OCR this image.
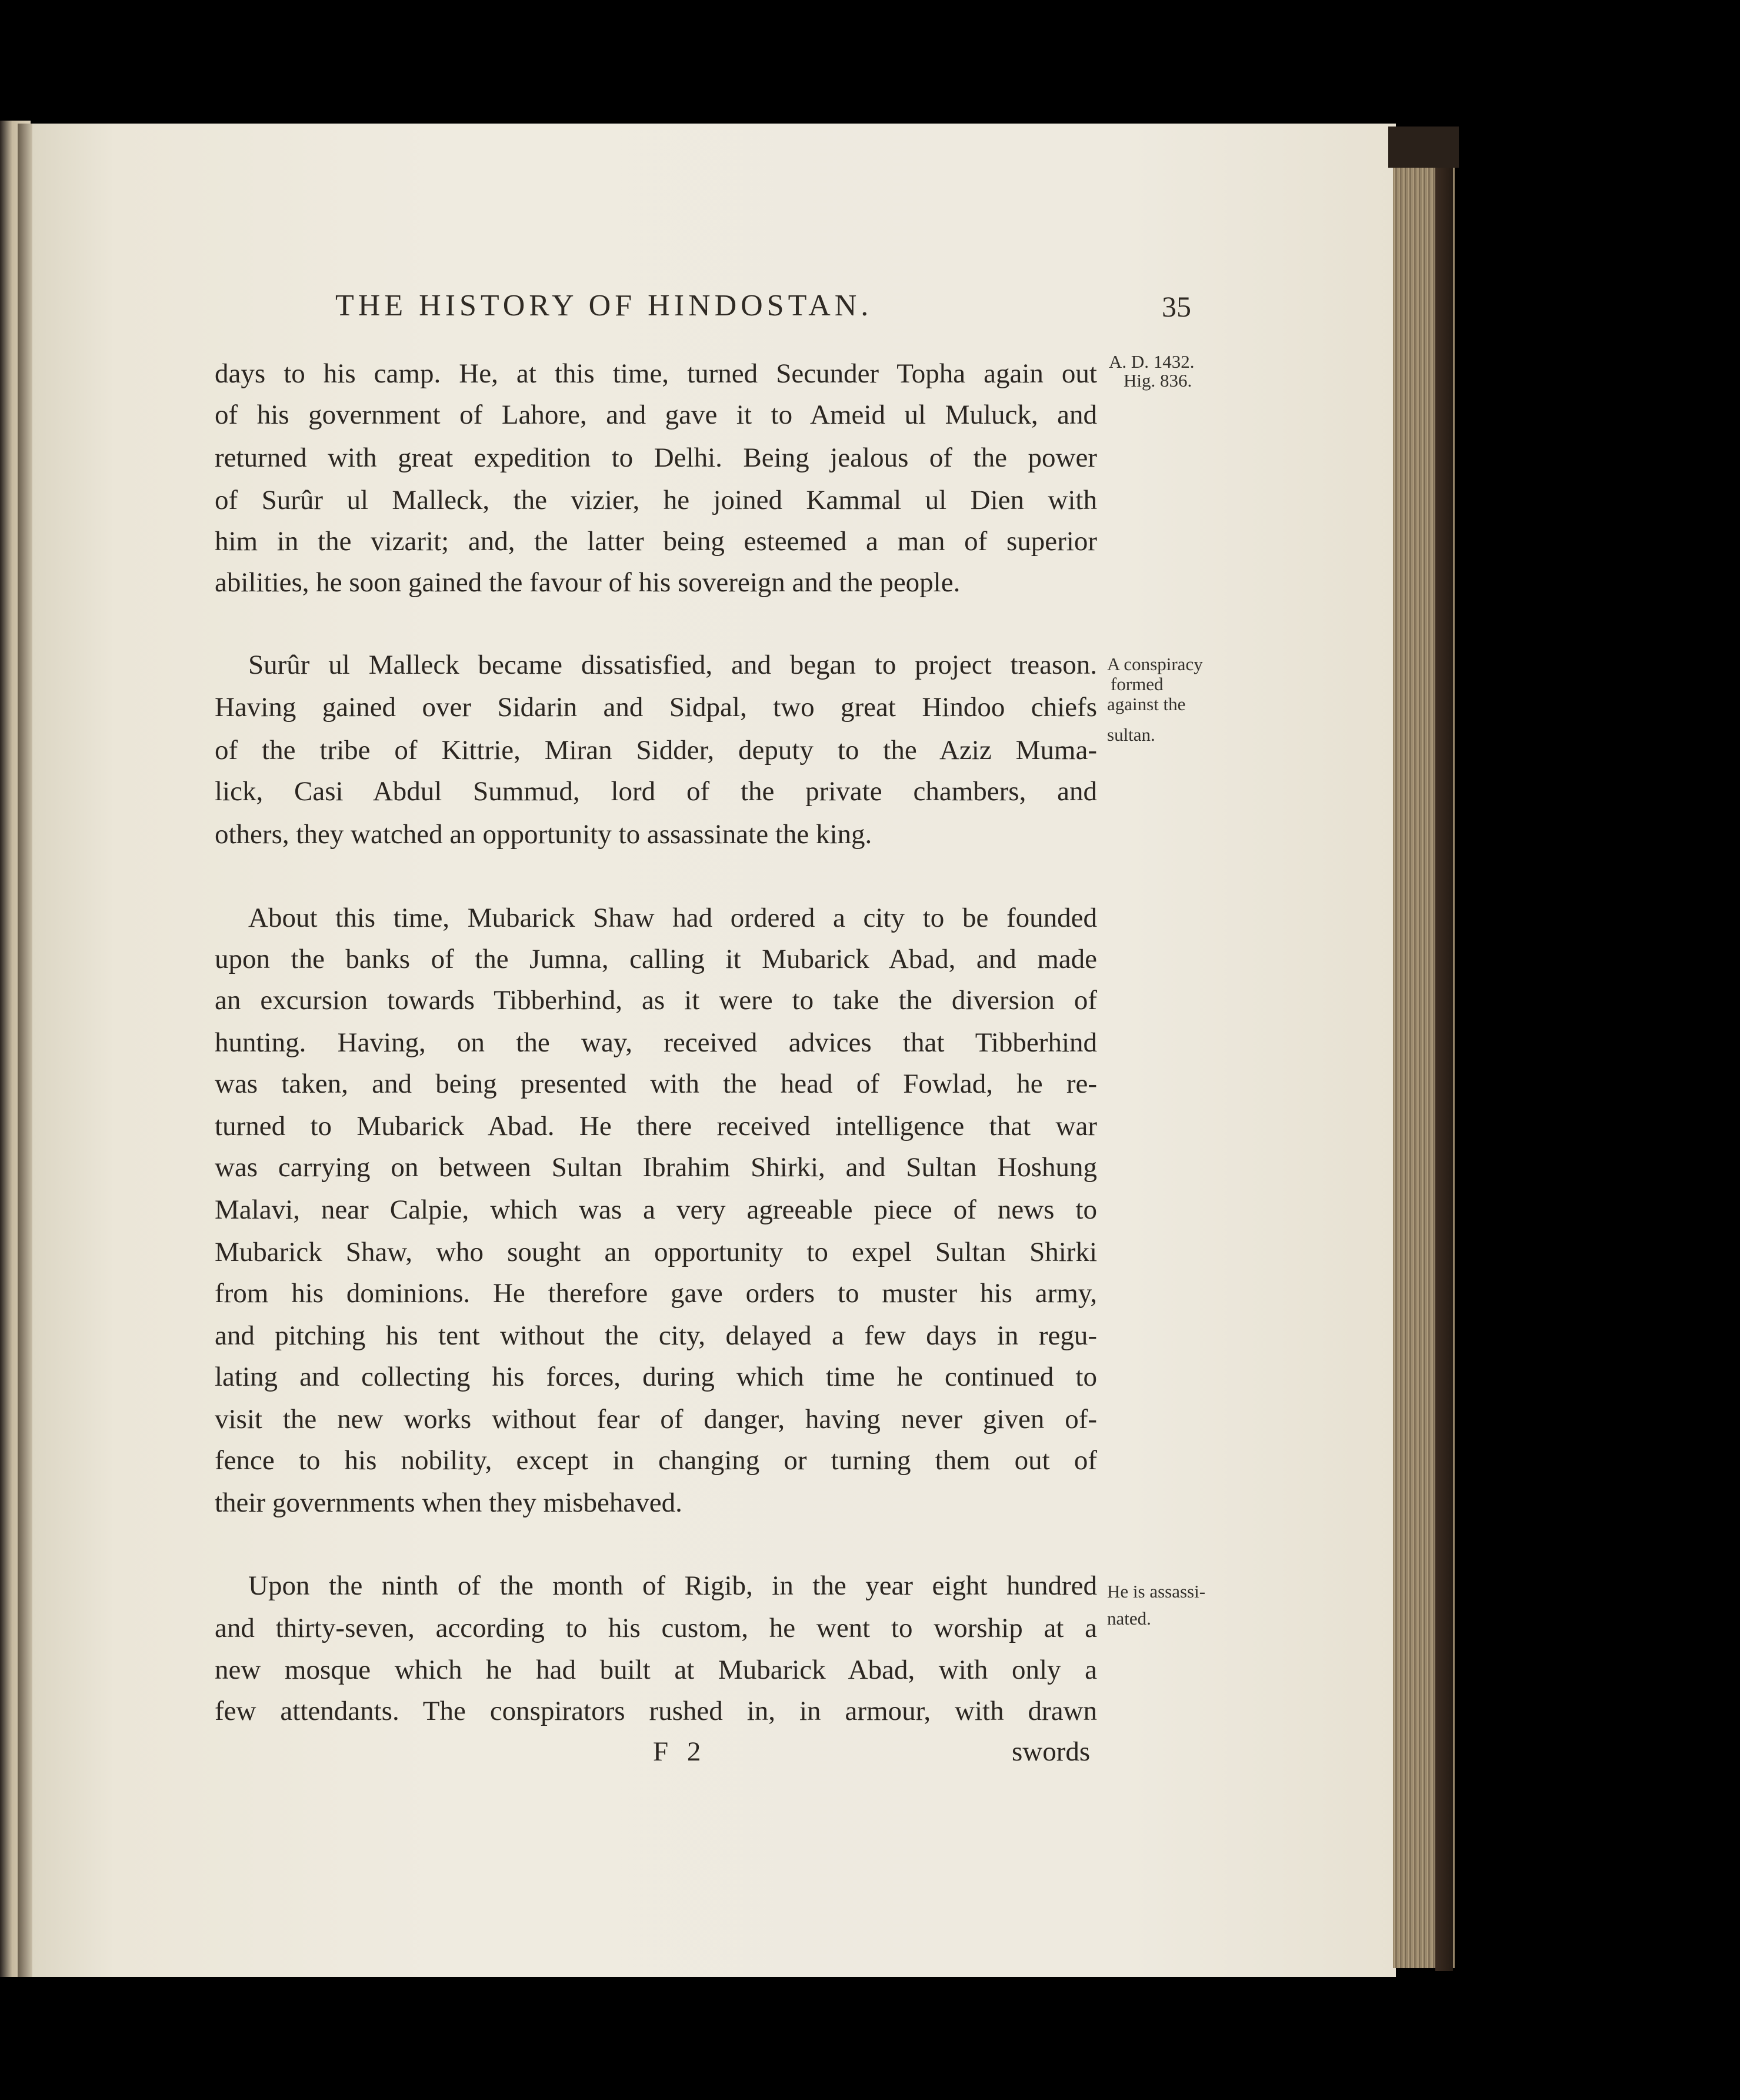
THE HISTORY OF HINDOSTAN.	35
A. D. 1432.
Hig. 836.
A conspiracy
formed
against the
sultan.
He is assassi-
nated.
days to his camp. He, at this time, turned Secunder Topha again out
of his government of Lahore, and gave it to Ameid ul Muluck, and
returned with great expedition to Delhi. Being jealous of the power
of Surûr ul Malleck, the vizier, he joined Kammal ul Dien with
him in the vizarit; and, the latter being esteemed a man of superior
abilities, he soon gained the favour of his sovereign and the people.
Surûr ul Malleck became dissatisfied, and began to project treason.
Having gained over Sidarin and Sidpal, two great Hindoo chiefs
of the tribe of Kittrie, Miran Sidder, deputy to the Aziz Muma-
lick, Casi Abdul Summud, lord of the private chambers, and
others, they watched an opportunity to assassinate the king.
About this time, Mubarick Shaw had ordered a city to be founded
upon the banks of the Jumna, calling it Mubarick Abad, and made
an excursion towards Tibberhind, as it were to take the diversion of
hunting. Having, on the way, received advices that Tibberhind
was taken, and being presented with the head of Fowlad, he re-
turned to Mubarick Abad. He there received intelligence that war
was carrying on between Sultan Ibrahim Shirki, and Sultan Hoshung
Malavi, near Calpie, which was a very agreeable piece of news to
Mubarick Shaw, who sought an opportunity to expel Sultan Shirki
from his dominions. He therefore gave orders to muster his army,
and pitching his tent without the city, delayed a few days in regu-
lating and collecting his forces, during which time he continued to
visit the new works without fear of danger, having never given of-
fence to his nobility, except in changing or turning them out of
their governments when they misbehaved.
Upon the ninth of the month of Rigib, in the year eight hundred
and thirty-seven, according to his custom, he went to worship at a
new mosque which he had built at Mubarick Abad, with only a
few attendants. The conspirators rushed in, in armour, with drawn
F 2	swords
